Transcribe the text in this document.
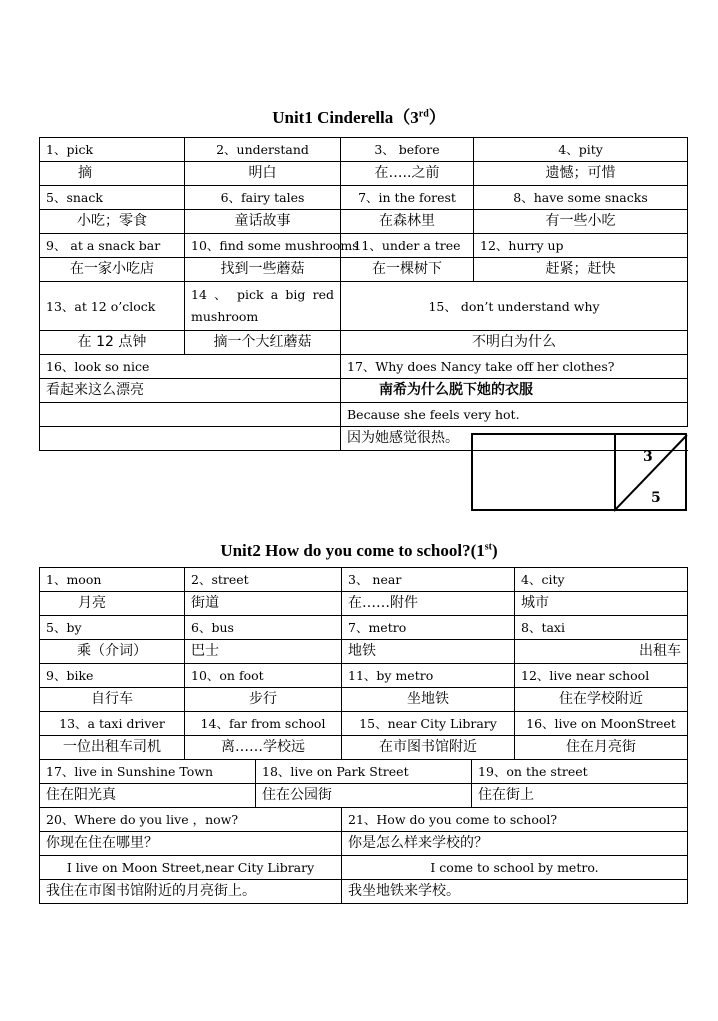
Unit1 Cinderella（3rd）
1、pick	2、understand	3、 before	4、pity
摘	明白	在…..之前	遗憾；可惜
5、snack	6、fairy tales	7、in the forest	8、have some snacks
小吃；零食	童话故事	在森林里	有一些小吃
9、 at a snack bar	10、find some mushrooms	11、under a tree	12、hurry up
在一家小吃店	找到一些蘑菇	在一棵树下	赶紧；赶快
13、at 12 o’clock	14 、 pick a big red mushroom	15、 don’t understand why	
在 12 点钟	摘一个大红蘑菇	不明白为什么	
16、look so nice		17、Why does Nancy take off her clothes?	
看起来这么漂亮		南希为什么脱下她的衣服	
		Because she feels very hot.	
		因为她感觉很热。	
3
5
Unit2 How do you come to school?(1st)
1、moon	2、street		3、 near		4、city
月亮	街道		在……附件		城市
5、by	6、bus		7、metro		8、taxi
乘（介词）	巴士		地铁		出租车
9、bike	10、on foot		11、by metro		12、live near school
自行车	步行		坐地铁		住在学校附近
13、a taxi driver	14、far from school		15、near City Library		16、live on MoonStreet
一位出租车司机	离……学校远		在市图书馆附近		住在月亮街
17、live in Sunshine Town		18、live on Park Street		19、on the street	
住在阳光真		住在公园街		住在街上	
20、Where do you live ，now?			21、How do you come to school?		
你现在住在哪里？			你是怎么样来学校的？		
I live on Moon Street,near City Library			I come to school by metro.		
我住在市图书馆附近的月亮街上。			我坐地铁来学校。		
